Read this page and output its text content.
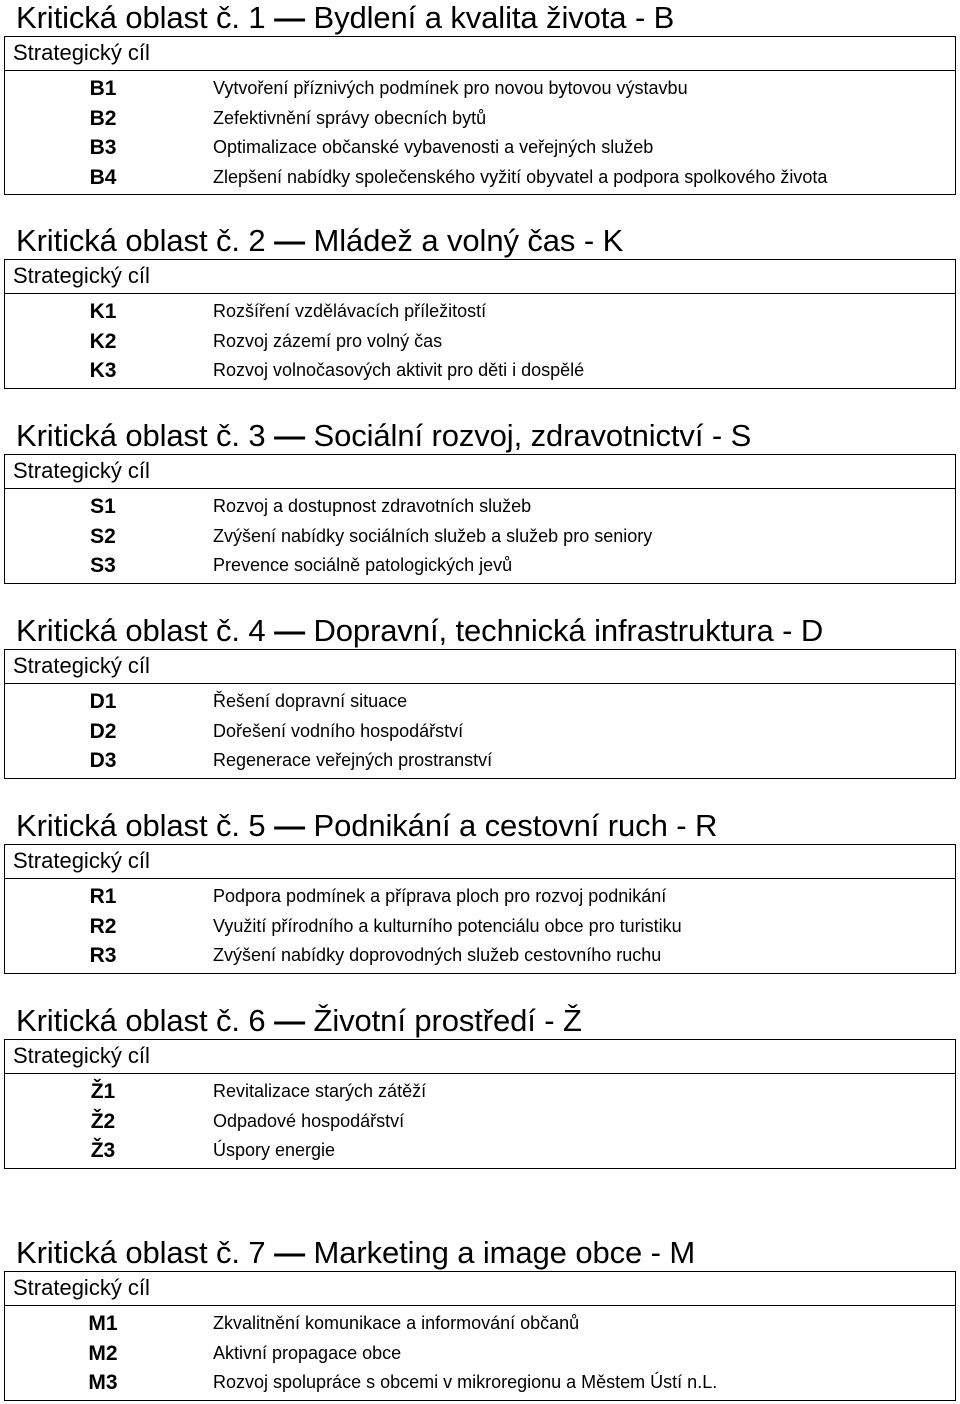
Kritická oblast č. 1 — Bydlení a kvalita života - B
Strategický cíl
B1	Vytvoření příznivých podmínek pro novou bytovou výstavbu
B2	Zefektivnění správy obecních bytů
B3	Optimalizace občanské vybavenosti a veřejných služeb
B4	Zlepšení nabídky společenského vyžití obyvatel a podpora spolkového života
Kritická oblast č. 2 — Mládež a volný čas - K
Strategický cíl
K1	Rozšíření vzdělávacích příležitostí
K2	Rozvoj zázemí pro volný čas
K3	Rozvoj volnočasových aktivit pro děti i dospělé
Kritická oblast č. 3 — Sociální rozvoj, zdravotnictví - S
Strategický cíl
S1	Rozvoj a dostupnost zdravotních služeb
S2	Zvýšení nabídky sociálních služeb a služeb pro seniory
S3	Prevence sociálně patologických jevů
Kritická oblast č. 4 — Dopravní, technická infrastruktura - D
Strategický cíl
D1	Řešení dopravní situace
D2	Dořešení vodního hospodářství
D3	Regenerace veřejných prostranství
Kritická oblast č. 5 — Podnikání a cestovní ruch - R
Strategický cíl
R1	Podpora podmínek a příprava ploch pro rozvoj podnikání
R2	Využití přírodního a kulturního potenciálu obce pro turistiku
R3	Zvýšení nabídky doprovodných služeb cestovního ruchu
Kritická oblast č. 6 — Životní prostředí - Ž
Strategický cíl
Ž1	Revitalizace starých zátěží
Ž2	Odpadové hospodářství
Ž3	Úspory energie
Kritická oblast č. 7 — Marketing a image obce - M
Strategický cíl
M1	Zkvalitnění komunikace a informování občanů
M2	Aktivní propagace obce
M3	Rozvoj spolupráce s obcemi v mikroregionu a Městem Ústí n.L.
